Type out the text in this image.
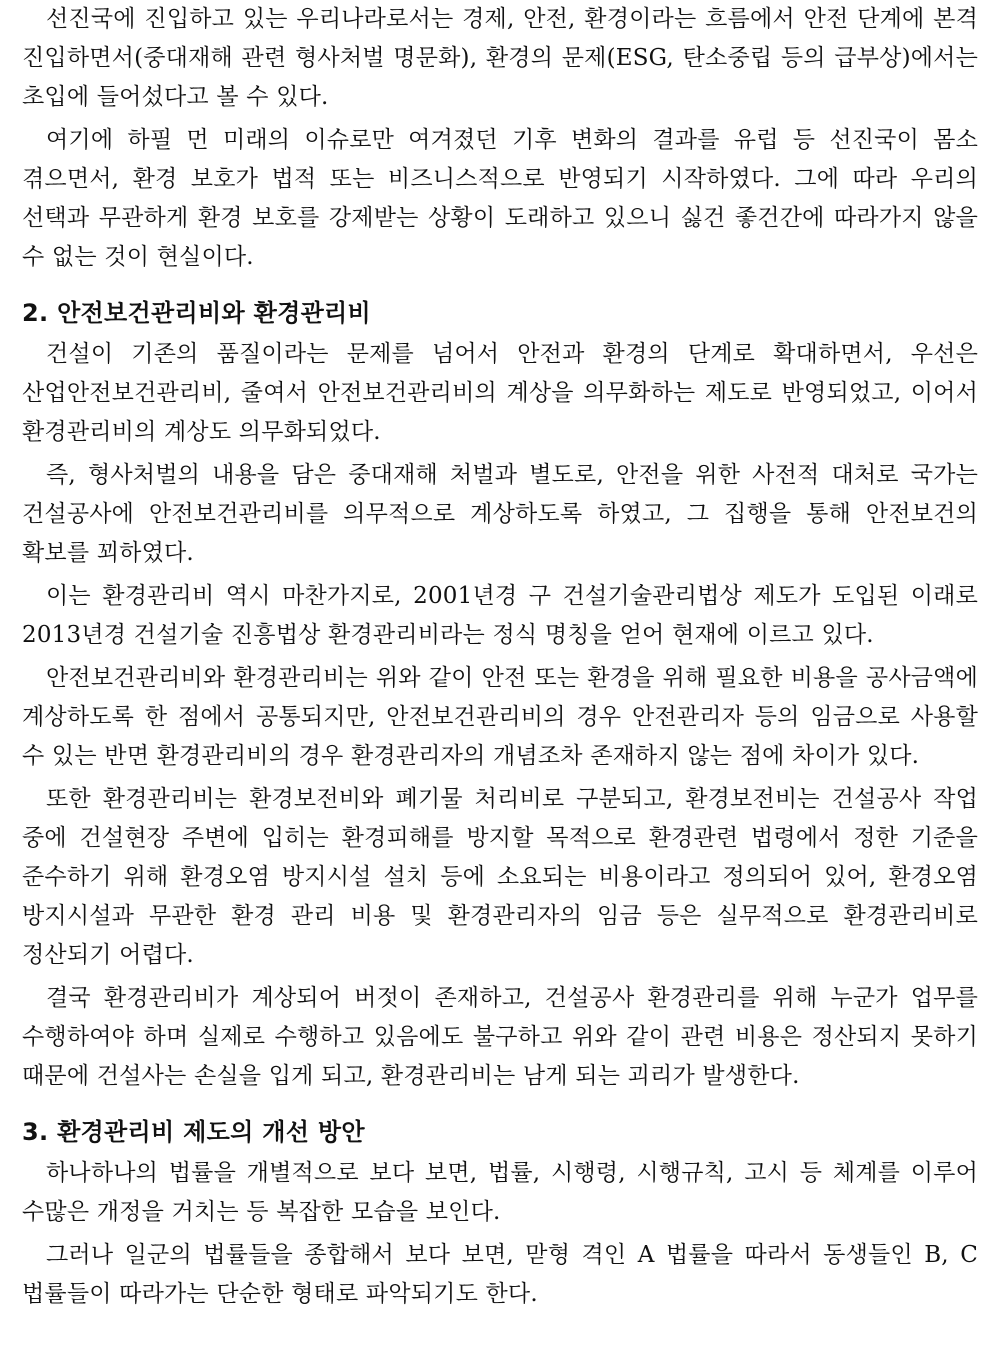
선진국에 진입하고 있는 우리나라로서는 경제, 안전, 환경이라는 흐름에서 안전 단계에 본격 진입하면서(중대재해 관련 형사처벌 명문화), 환경의 문제(ESG, 탄소중립 등의 급부상)에서는 초입에 들어섰다고 볼 수 있다.

여기에 하필 먼 미래의 이슈로만 여겨졌던 기후 변화의 결과를 유럽 등 선진국이 몸소 겪으면서, 환경 보호가 법적 또는 비즈니스적으로 반영되기 시작하였다. 그에 따라 우리의 선택과 무관하게 환경 보호를 강제받는 상황이 도래하고 있으니 싫건 좋건간에 따라가지 않을 수 없는 것이 현실이다.

2. 안전보건관리비와 환경관리비

건설이 기존의 품질이라는 문제를 넘어서 안전과 환경의 단계로 확대하면서, 우선은 산업안전보건관리비, 줄여서 안전보건관리비의 계상을 의무화하는 제도로 반영되었고, 이어서 환경관리비의 계상도 의무화되었다.

즉, 형사처벌의 내용을 담은 중대재해 처벌과 별도로, 안전을 위한 사전적 대처로 국가는 건설공사에 안전보건관리비를 의무적으로 계상하도록 하였고, 그 집행을 통해 안전보건의 확보를 꾀하였다.

이는 환경관리비 역시 마찬가지로, 2001년경 구 건설기술관리법상 제도가 도입된 이래로 2013년경 건설기술 진흥법상 환경관리비라는 정식 명칭을 얻어 현재에 이르고 있다.

안전보건관리비와 환경관리비는 위와 같이 안전 또는 환경을 위해 필요한 비용을 공사금액에 계상하도록 한 점에서 공통되지만, 안전보건관리비의 경우 안전관리자 등의 임금으로 사용할 수 있는 반면 환경관리비의 경우 환경관리자의 개념조차 존재하지 않는 점에 차이가 있다.

또한 환경관리비는 환경보전비와 폐기물 처리비로 구분되고, 환경보전비는 건설공사 작업 중에 건설현장 주변에 입히는 환경피해를 방지할 목적으로 환경관련 법령에서 정한 기준을 준수하기 위해 환경오염 방지시설 설치 등에 소요되는 비용이라고 정의되어 있어, 환경오염 방지시설과 무관한 환경 관리 비용 및 환경관리자의 임금 등은 실무적으로 환경관리비로 정산되기 어렵다.

결국 환경관리비가 계상되어 버젓이 존재하고, 건설공사 환경관리를 위해 누군가 업무를 수행하여야 하며 실제로 수행하고 있음에도 불구하고 위와 같이 관련 비용은 정산되지 못하기 때문에 건설사는 손실을 입게 되고, 환경관리비는 남게 되는 괴리가 발생한다.

3. 환경관리비 제도의 개선 방안

하나하나의 법률을 개별적으로 보다 보면, 법률, 시행령, 시행규칙, 고시 등 체계를 이루어 수많은 개정을 거치는 등 복잡한 모습을 보인다.

그러나 일군의 법률들을 종합해서 보다 보면, 맏형 격인 A 법률을 따라서 동생들인 B, C 법률들이 따라가는 단순한 형태로 파악되기도 한다.
